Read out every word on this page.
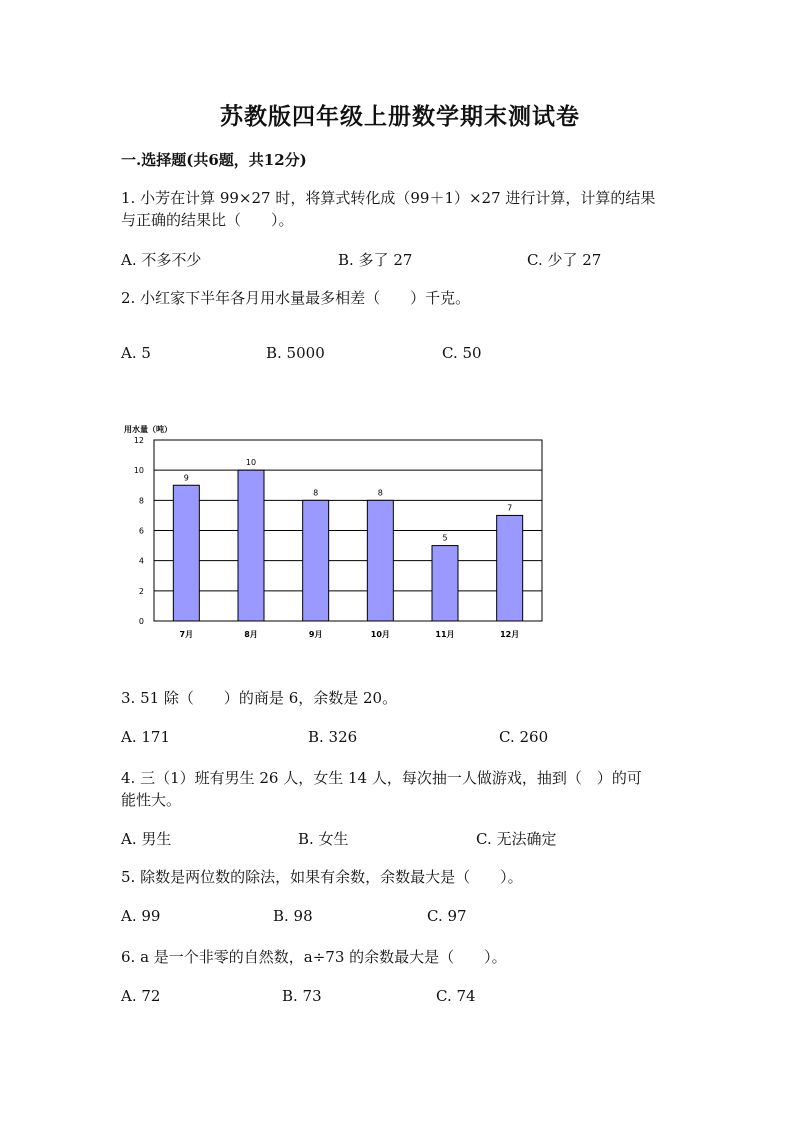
苏教版四年级上册数学期末测试卷
一.选择题(共6题，共12分)
1. 小芳在计算 99×27 时，将算式转化成（99＋1）×27 进行计算，计算的结果
与正确的结果比（　　）。
A. 不多不少	B. 多了 27	C. 少了 27
2. 小红家下半年各月用水量最多相差（　　）千克。
A. 5	B. 5000	C. 50
0
2
4
6
8
10
12
9
7月
10
8月
8
9月
8
10月
5
11月
7
12月
用水量（吨）
3. 51 除（　　）的商是 6，余数是 20。
A. 171	B. 326	C. 260
4. 三（1）班有男生 26 人，女生 14 人，每次抽一人做游戏，抽到（　）的可
能性大。
A. 男生	B. 女生	C. 无法确定
5. 除数是两位数的除法，如果有余数，余数最大是（　　）。
A. 99	B. 98	C. 97
6. a 是一个非零的自然数，a÷73 的余数最大是（　　）。
A. 72	B. 73	C. 74
